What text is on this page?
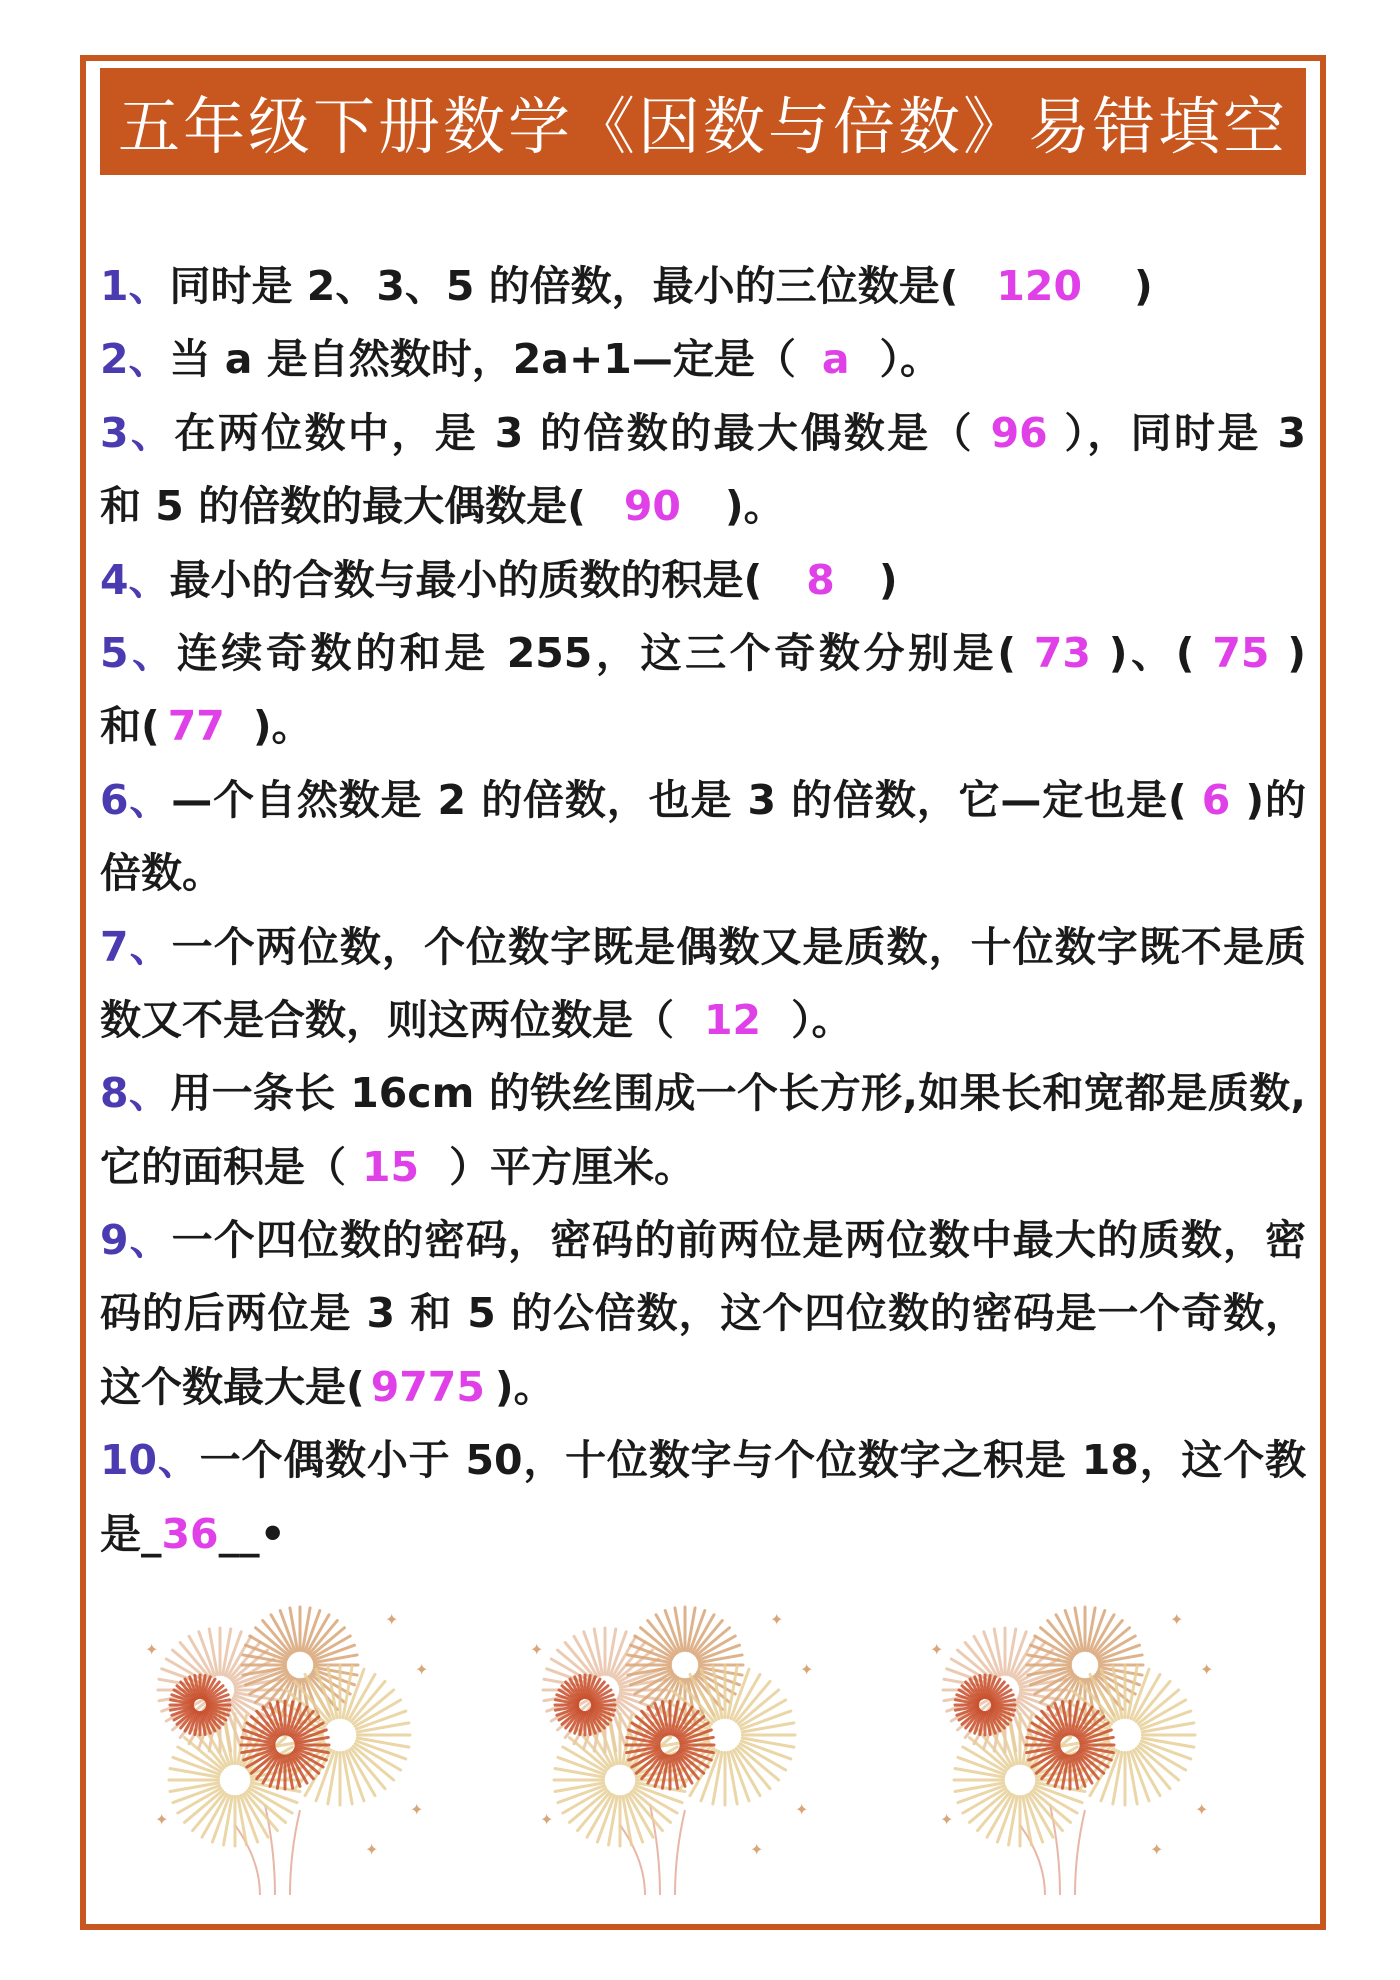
五年级下册数学《因数与倍数》易错填空
1、同时是 2、3、5 的倍数，最小的三位数是( 120 )
2、当 a 是自然数时，2a+1—定是（ a ）。
3、在两位数中，是 3 的倍数的最大偶数是（ 96 ），同时是 3
和 5 的倍数的最大偶数是( 90 )。
4、最小的合数与最小的质数的积是( 8 )
5、连续奇数的和是 255，这三个奇数分别是( 73 )、( 75 )
和( 77 )。
6、—个自然数是 2 的倍数，也是 3 的倍数，它—定也是( 6 )的
倍数。
7、一个两位数，个位数字既是偶数又是质数，十位数字既不是质
数又不是合数，则这两位数是（ 12 ）。
8、用一条长 16cm 的铁丝围成一个长方形,如果长和宽都是质数,
它的面积是（ 15 ）平方厘米。
9、一个四位数的密码，密码的前两位是两位数中最大的质数，密
码的后两位是 3 和 5 的公倍数，这个四位数的密码是一个奇数，
这个数最大是( 9775 )。
10、一个偶数小于 50，十位数字与个位数字之积是 18，这个教
是_36__•
✦
✦
✦
✦
✦
✦
✦
✦
✦
✦
✦
✦
✦
✦
✦
✦
✦
✦
